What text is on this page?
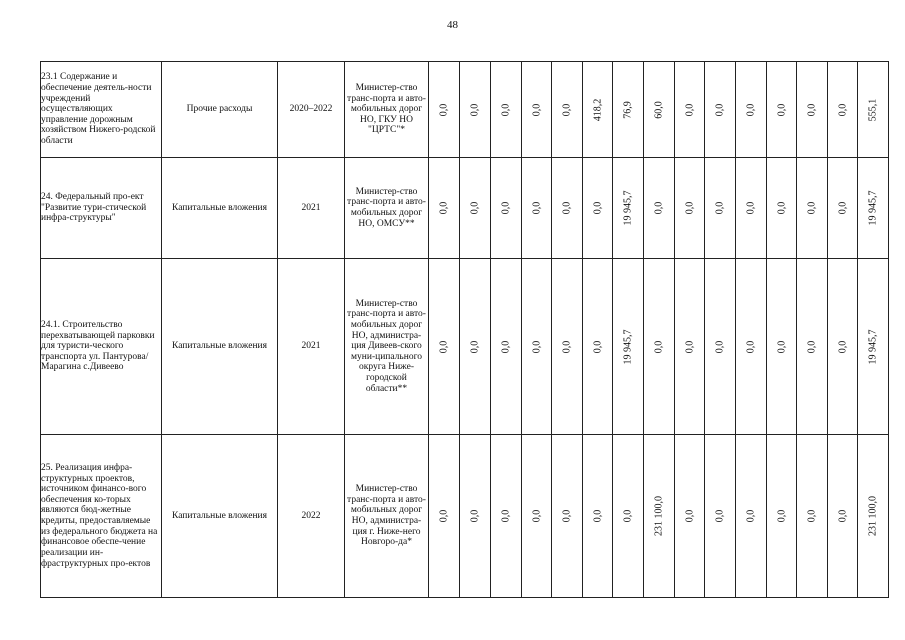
48
23.1 Содержание и обеспечение деятель-ности учреждений осуществляющих управление дорожным хозяйством Нижего-родской области	Прочие расходы	2020–2022	Министер-ство транс-порта и авто-мобильных дорог НО, ГКУ НО "ЦРТС"*	0,0	0,0	0,0	0,0	0,0	418,2	76,9	60,0	0,0	0,0	0,0	0,0	0,0	0,0	555,1

24. Федеральный про-ект "Развитие тури-стической инфра-структуры"	Капитальные вложения	2021	Министер-ство транс-порта и авто-мобильных дорог НО, ОМСУ**	0,0	0,0	0,0	0,0	0,0	0,0	19 945,7	0,0	0,0	0,0	0,0	0,0	0,0	0,0	19 945,7

24.1. Строительство перехватывающей парковки для туристи-ческого транспорта ул. Пантурова/Марагина с.Дивеево	Капитальные вложения	2021	Министер-ство транс-порта и авто-мобильных дорог НО, администра-ция Дивеев-ского муни-ципального округа Ниже-городской области**	0,0	0,0	0,0	0,0	0,0	0,0	19 945,7	0,0	0,0	0,0	0,0	0,0	0,0	0,0	19 945,7

25. Реализация инфра-структурных проектов, источником финансо-вого обеспечения ко-торых являются бюд-жетные кредиты, предоставляемые из федерального бюджета на финансовое обеспе-чение реализации ин-фраструктурных про-ектов	Капитальные вложения	2022	Министер-ство транс-порта и авто-мобильных дорог НО, администра-ция г. Ниже-него Новгоро-да*	0,0	0,0	0,0	0,0	0,0	0,0	0,0	231 100,0	0,0	0,0	0,0	0,0	0,0	0,0	231 100,0
